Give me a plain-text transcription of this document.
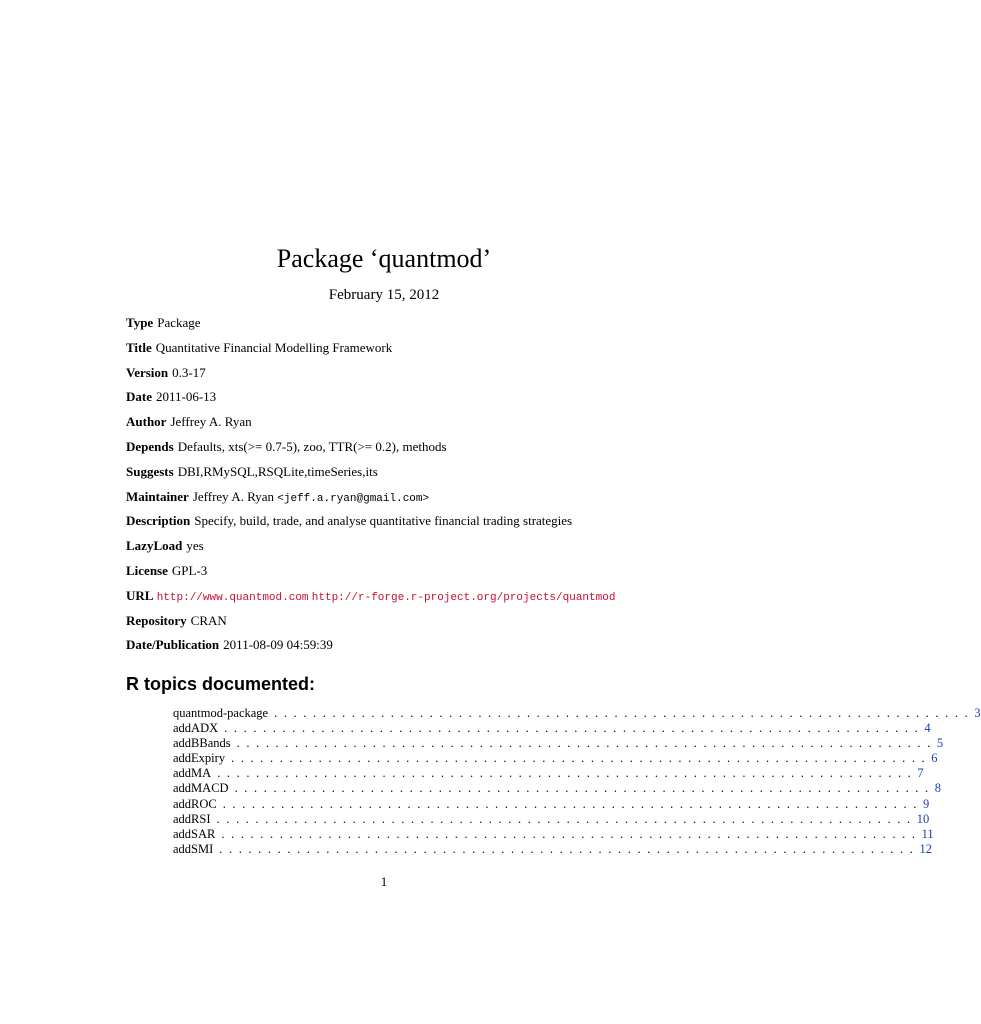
Package ‘quantmod’
February 15, 2012
Type Package
Title Quantitative Financial Modelling Framework
Version 0.3-17
Date 2011-06-13
Author Jeffrey A. Ryan
Depends Defaults, xts(>= 0.7-5), zoo, TTR(>= 0.2), methods
Suggests DBI,RMySQL,RSQLite,timeSeries,its
Maintainer Jeffrey A. Ryan <jeff.a.ryan@gmail.com>
Description Specify, build, trade, and analyse quantitative financial trading strategies
LazyLoad yes
License GPL-3
URL http://www.quantmod.com http://r-forge.r-project.org/projects/quantmod
Repository CRAN
Date/Publication 2011-08-09 04:59:39
R topics documented:
quantmod-package ........................................................................ 3
addADX ........................................................................ 4
addBBands ........................................................................ 5
addExpiry ........................................................................ 6
addMA ........................................................................ 7
addMACD ........................................................................ 8
addROC ........................................................................ 9
addRSI ........................................................................ 10
addSAR ........................................................................ 11
addSMI ........................................................................ 12
1
